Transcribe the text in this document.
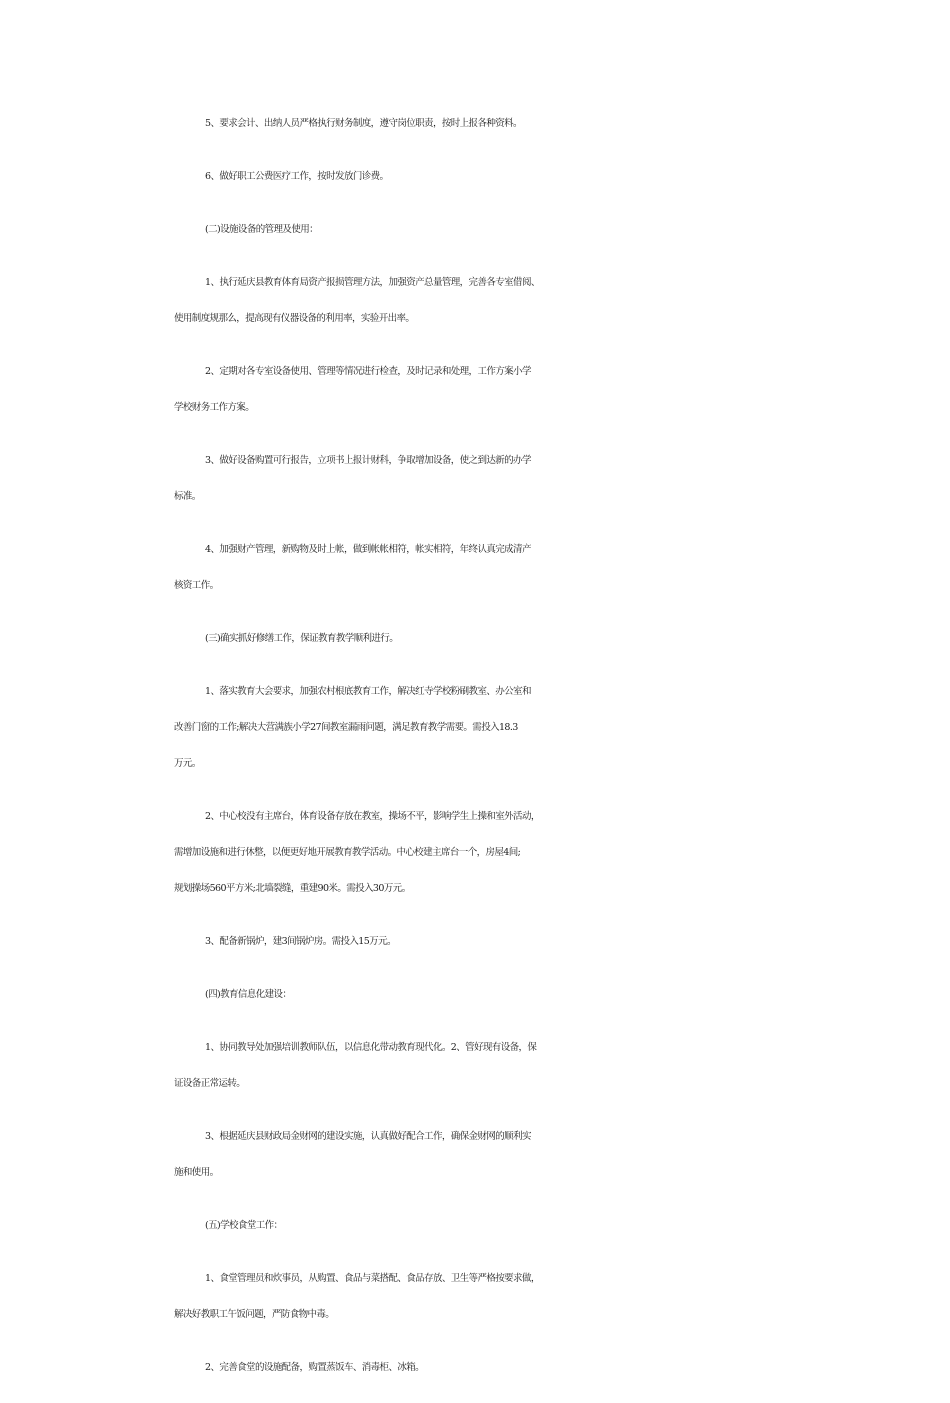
5、要求会计、出纳人员严格执行财务制度，遵守岗位职责，按时上报各种资料。
6、做好职工公费医疗工作，按时发放门诊费。
(二)设施设备的管理及使用：
1、执行延庆县教育体育局资产报损管理方法，加强资产总量管理，完善各专室借阅、
使用制度规那么，提高现有仪器设备的利用率，实验开出率。
2、定期对各专室设备使用、管理等情况进行检查，及时记录和处理，工作方案小学
学校财务工作方案。
3、做好设备购置可行报告，立项书上报计财科，争取增加设备，使之到达新的办学
标准。
4、加强财产管理，新购物及时上帐，做到帐帐相符，帐实相符，年终认真完成清产
核资工作。
(三)确实抓好修缮工作，保证教育教学顺利进行。
1、落实教育大会要求，加强农村根底教育工作，解决红寺学校粉刷教室、办公室和
改善门窗的工作;解决大营满族小学27间教室漏雨问题，满足教育教学需要。需投入18.3
万元。
2、中心校没有主席台，体育设备存放在教室，操场不平，影响学生上操和室外活动，
需增加设施和进行休整，以便更好地开展教育教学活动。中心校建主席台一个，房屋4间;
规划操场560平方米;北墙裂缝，重建90米。需投入30万元。
3、配备新锅炉，建3间锅炉房。需投入15万元。
(四)教育信息化建设：
1、协同教导处加强培训教师队伍，以信息化带动教育现代化。2、管好现有设备，保
证设备正常运转。
3、根据延庆县财政局金财网的建设实施，认真做好配合工作，确保金财网的顺利实
施和使用。
(五)学校食堂工作：
1、食堂管理员和炊事员，从购置、食品与菜搭配、食品存放、卫生等严格按要求做，
解决好教职工午饭问题，严防食物中毒。
2、完善食堂的设施配备，购置蒸饭车、消毒柜、冰箱。
